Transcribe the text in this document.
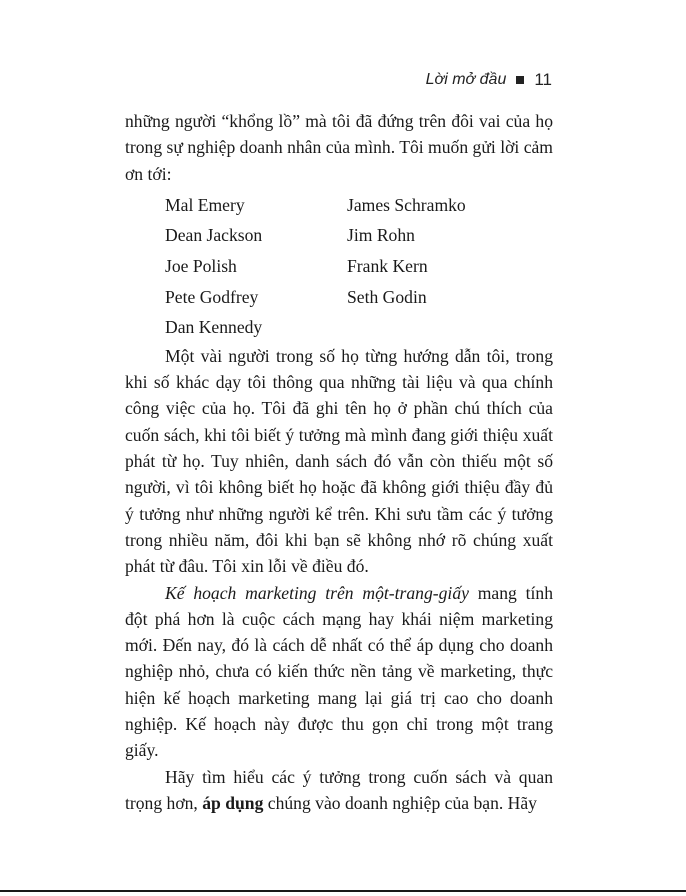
Lời mở đầu 11

những người “khổng lồ” mà tôi đã đứng trên đôi vai của họ trong sự nghiệp doanh nhân của mình. Tôi muốn gửi lời cảm ơn tới:

Mal Emery	James Schramko
Dean Jackson	Jim Rohn
Joe Polish	Frank Kern
Pete Godfrey	Seth Godin
Dan Kennedy

Một vài người trong số họ từng hướng dẫn tôi, trong khi số khác dạy tôi thông qua những tài liệu và qua chính công việc của họ. Tôi đã ghi tên họ ở phần chú thích của cuốn sách, khi tôi biết ý tưởng mà mình đang giới thiệu xuất phát từ họ. Tuy nhiên, danh sách đó vẫn còn thiếu một số người, vì tôi không biết họ hoặc đã không giới thiệu đầy đủ ý tưởng như những người kể trên. Khi sưu tầm các ý tưởng trong nhiều năm, đôi khi bạn sẽ không nhớ rõ chúng xuất phát từ đâu. Tôi xin lỗi về điều đó.

Kế hoạch marketing trên một-trang-giấy mang tính đột phá hơn là cuộc cách mạng hay khái niệm marketing mới. Đến nay, đó là cách dễ nhất có thể áp dụng cho doanh nghiệp nhỏ, chưa có kiến thức nền tảng về marketing, thực hiện kế hoạch marketing mang lại giá trị cao cho doanh nghiệp. Kế hoạch này được thu gọn chỉ trong một trang giấy.

Hãy tìm hiểu các ý tưởng trong cuốn sách và quan trọng hơn, áp dụng chúng vào doanh nghiệp của bạn. Hãy
